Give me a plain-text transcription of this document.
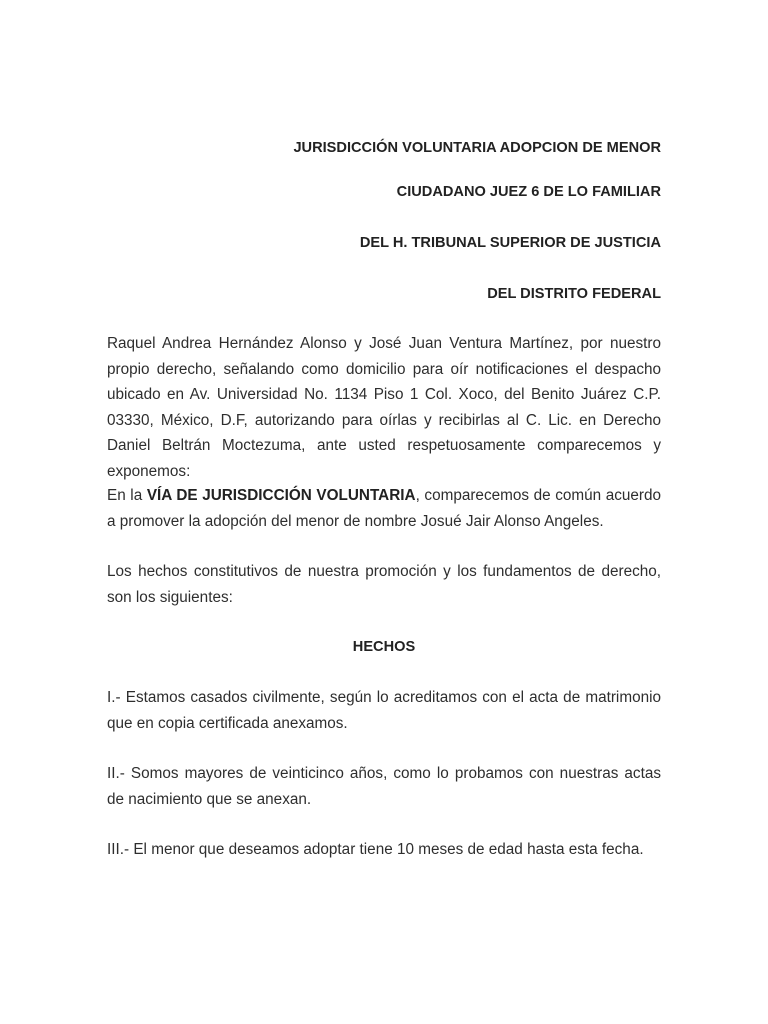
JURISDICCIÓN VOLUNTARIA ADOPCION DE MENOR
CIUDADANO JUEZ 6 DE LO FAMILIAR
DEL H. TRIBUNAL SUPERIOR DE JUSTICIA
DEL DISTRITO FEDERAL

Raquel Andrea Hernández Alonso y José Juan Ventura Martínez, por nuestro propio derecho, señalando como domicilio para oír notificaciones el despacho ubicado en Av. Universidad No. 1134 Piso 1 Col. Xoco, del Benito Juárez C.P. 03330, México, D.F, autorizando para oírlas y recibirlas al C. Lic. en Derecho Daniel Beltrán Moctezuma, ante usted respetuosamente comparecemos y exponemos:

En la VÍA DE JURISDICCIÓN VOLUNTARIA, comparecemos de común acuerdo a promover la adopción del menor de nombre Josué Jair Alonso Angeles.

Los hechos constitutivos de nuestra promoción y los fundamentos de derecho, son los siguientes:

HECHOS

I.- Estamos casados civilmente, según lo acreditamos con el acta de matrimonio que en copia certificada anexamos.

II.- Somos mayores de veinticinco años, como lo probamos con nuestras actas de nacimiento que se anexan.

III.- El menor que deseamos adoptar tiene 10 meses de edad hasta esta fecha.
